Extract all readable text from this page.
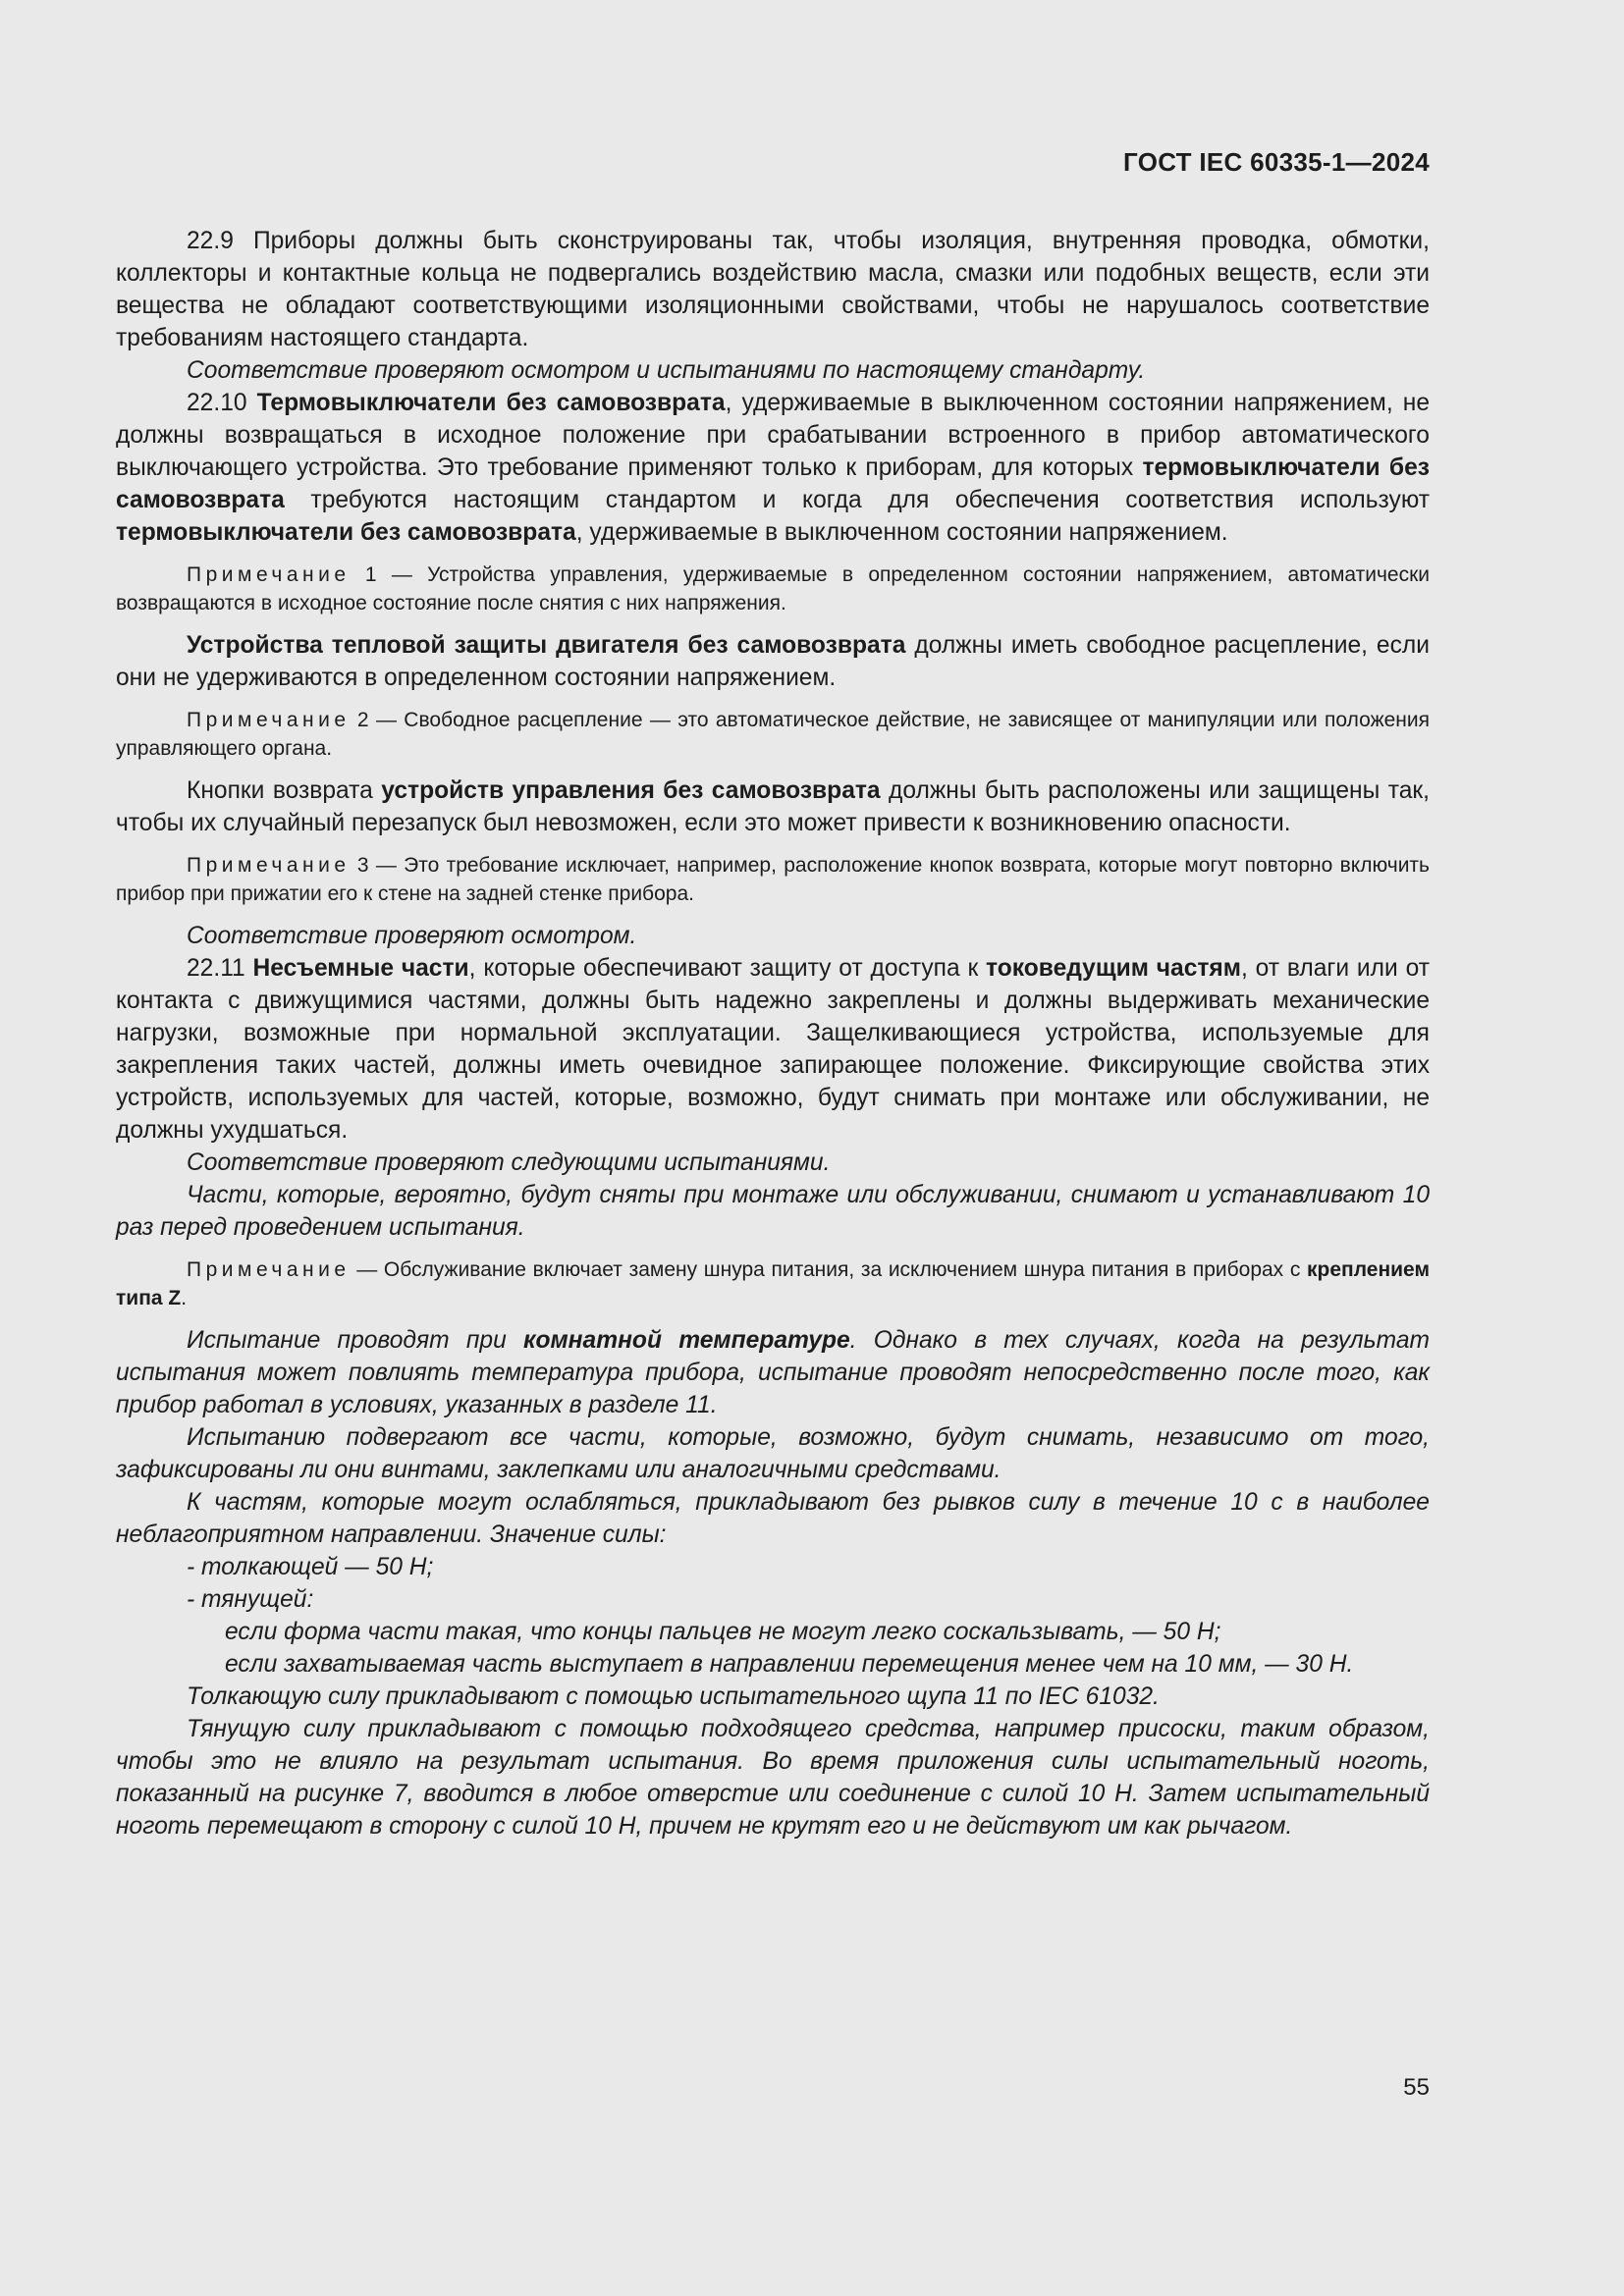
ГОСТ IEC 60335-1—2024
22.9 Приборы должны быть сконструированы так, чтобы изоляция, внутренняя проводка, обмотки, коллекторы и контактные кольца не подвергались воздействию масла, смазки или подобных веществ, если эти вещества не обладают соответствующими изоляционными свойствами, чтобы не нарушалось соответствие требованиям настоящего стандарта.
Соответствие проверяют осмотром и испытаниями по настоящему стандарту.
22.10 Термовыключатели без самовозврата, удерживаемые в выключенном состоянии напряжением, не должны возвращаться в исходное положение при срабатывании встроенного в прибор автоматического выключающего устройства. Это требование применяют только к приборам, для которых термовыключатели без самовозврата требуются настоящим стандартом и когда для обеспечения соответствия используют термовыключатели без самовозврата, удерживаемые в выключенном состоянии напряжением.
Примечание 1 — Устройства управления, удерживаемые в определенном состоянии напряжением, автоматически возвращаются в исходное состояние после снятия с них напряжения.
Устройства тепловой защиты двигателя без самовозврата должны иметь свободное расцепление, если они не удерживаются в определенном состоянии напряжением.
Примечание 2 — Свободное расцепление — это автоматическое действие, не зависящее от манипуляции или положения управляющего органа.
Кнопки возврата устройств управления без самовозврата должны быть расположены или защищены так, чтобы их случайный перезапуск был невозможен, если это может привести к возникновению опасности.
Примечание 3 — Это требование исключает, например, расположение кнопок возврата, которые могут повторно включить прибор при прижатии его к стене на задней стенке прибора.
Соответствие проверяют осмотром.
22.11 Несъемные части, которые обеспечивают защиту от доступа к токоведущим частям, от влаги или от контакта с движущимися частями, должны быть надежно закреплены и должны выдерживать механические нагрузки, возможные при нормальной эксплуатации. Защелкивающиеся устройства, используемые для закрепления таких частей, должны иметь очевидное запирающее положение. Фиксирующие свойства этих устройств, используемых для частей, которые, возможно, будут снимать при монтаже или обслуживании, не должны ухудшаться.
Соответствие проверяют следующими испытаниями.
Части, которые, вероятно, будут сняты при монтаже или обслуживании, снимают и устанавливают 10 раз перед проведением испытания.
Примечание — Обслуживание включает замену шнура питания, за исключением шнура питания в приборах с креплением типа Z.
Испытание проводят при комнатной температуре. Однако в тех случаях, когда на результат испытания может повлиять температура прибора, испытание проводят непосредственно после того, как прибор работал в условиях, указанных в разделе 11.
Испытанию подвергают все части, которые, возможно, будут снимать, независимо от того, зафиксированы ли они винтами, заклепками или аналогичными средствами.
К частям, которые могут ослабляться, прикладывают без рывков силу в течение 10 с в наиболее неблагоприятном направлении. Значение силы:
- толкающей — 50 Н;
- тянущей:
если форма части такая, что концы пальцев не могут легко соскальзывать, — 50 Н;
если захватываемая часть выступает в направлении перемещения менее чем на 10 мм, — 30 Н.
Толкающую силу прикладывают с помощью испытательного щупа 11 по IEC 61032.
Тянущую силу прикладывают с помощью подходящего средства, например присоски, таким образом, чтобы это не влияло на результат испытания. Во время приложения силы испытательный ноготь, показанный на рисунке 7, вводится в любое отверстие или соединение с силой 10 Н. Затем испытательный ноготь перемещают в сторону с силой 10 Н, причем не крутят его и не действуют им как рычагом.
55
